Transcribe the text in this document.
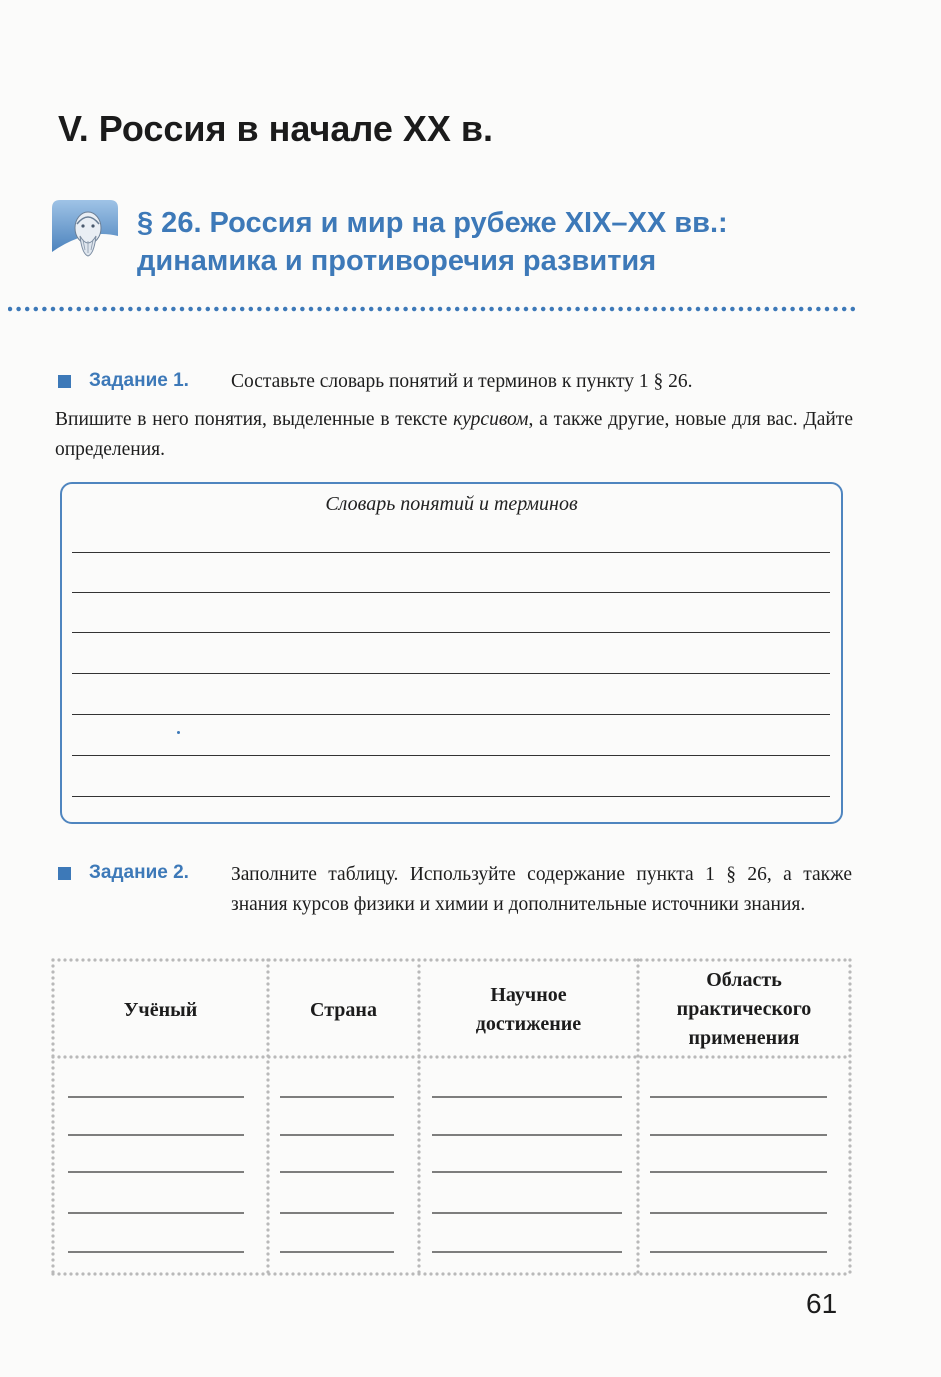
V. Россия в начале XX в.
§ 26. Россия и мир на рубеже XIX–XX вв.:
динамика и противоречия развития
Задание 1. Составьте словарь понятий и терминов к пункту 1 § 26.
Впишите в него понятия, выделенные в тексте курсивом, а также другие, новые для вас. Дайте определения.
Словарь понятий и терминов
Задание 2. Заполните таблицу. Используйте содержание пункта 1 § 26, а также знания курсов физики и химии и дополнительные источники знания.
Учёный	Страна
Научное
достижение
Область
практического
применения
61
